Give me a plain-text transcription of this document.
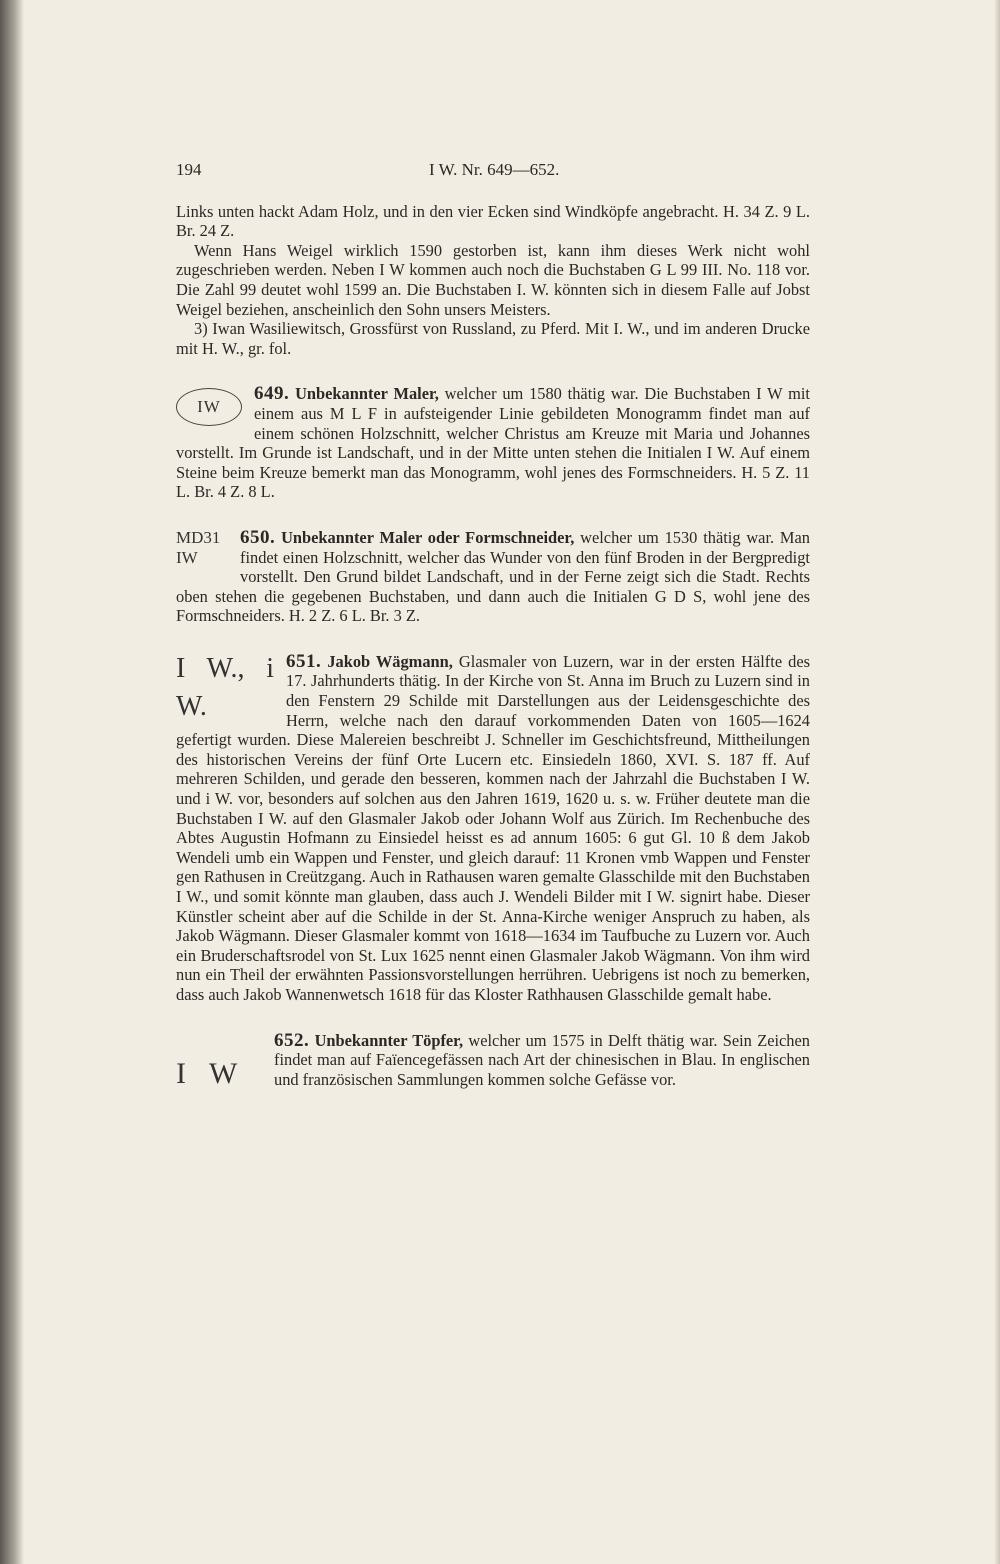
194	I W. Nr. 649—652.

Links unten hackt Adam Holz, und in den vier Ecken sind Windköpfe angebracht. H. 34 Z. 9 L. Br. 24 Z.

Wenn Hans Weigel wirklich 1590 gestorben ist, kann ihm dieses Werk nicht wohl zugeschrieben werden. Neben I W kommen auch noch die Buchstaben G L 99 III. No. 118 vor. Die Zahl 99 deutet wohl 1599 an. Die Buchstaben I. W. könnten sich in diesem Falle auf Jobst Weigel beziehen, anscheinlich den Sohn unsers Meisters.

3) Iwan Wasiliewitsch, Grossfürst von Russland, zu Pferd. Mit I. W., und im anderen Drucke mit H. W., gr. fol.

649. Unbekannter Maler,
IW
welcher um 1580 thätig war. Die Buchstaben I W mit einem aus M L F in aufsteigender Linie gebildeten Monogramm findet man auf einem schönen Holzschnitt, welcher Christus am Kreuze mit Maria und Johannes vorstellt. Im Grunde ist Landschaft, und in der Mitte unten stehen die Initialen I W. Auf einem Steine beim Kreuze bemerkt man das Monogramm, wohl jenes des Formschneiders. H. 5 Z. 11 L. Br. 4 Z. 8 L.

650. Unbekannter Maler oder Formschneider,
MD31
IW
welcher um 1530 thätig war. Man findet einen Holzschnitt, welcher das Wunder von den fünf Broden in der Bergpredigt vorstellt. Den Grund bildet Landschaft, und in der Ferne zeigt sich die Stadt. Rechts oben stehen die gegebenen Buchstaben, und dann auch die Initialen G D S, wohl jene des Formschneiders. H. 2 Z. 6 L. Br. 3 Z.

651. Jakob Wägmann,
I W., i W.
Glasmaler von Luzern, war in der ersten Hälfte des 17. Jahrhunderts thätig. In der Kirche von St. Anna im Bruch zu Luzern sind in den Fenstern 29 Schilde mit Darstellungen aus der Leidensgeschichte des Herrn, welche nach den darauf vorkommenden Daten von 1605—1624 gefertigt wurden. Diese Malereien beschreibt J. Schneller im Geschichtsfreund, Mittheilungen des historischen Vereins der fünf Orte Lucern etc. Einsiedeln 1860, XVI. S. 187 ff. Auf mehreren Schilden, und gerade den besseren, kommen nach der Jahrzahl die Buchstaben I W. und i W. vor, besonders auf solchen aus den Jahren 1619, 1620 u. s. w. Früher deutete man die Buchstaben I W. auf den Glasmaler Jakob oder Johann Wolf aus Zürich. Im Rechenbuche des Abtes Augustin Hofmann zu Einsiedel heisst es ad annum 1605: 6 gut Gl. 10 ß dem Jakob Wendeli umb ein Wappen und Fenster, und gleich darauf: 11 Kronen vmb Wappen und Fenster gen Rathusen in Creützgang. Auch in Rathausen waren gemalte Glasschilde mit den Buchstaben I W., und somit könnte man glauben, dass auch J. Wendeli Bilder mit I W. signirt habe. Dieser Künstler scheint aber auf die Schilde in der St. Anna-Kirche weniger Anspruch zu haben, als Jakob Wägmann. Dieser Glasmaler kommt von 1618—1634 im Taufbuche zu Luzern vor. Auch ein Bruderschaftsrodel von St. Lux 1625 nennt einen Glasmaler Jakob Wägmann. Von ihm wird nun ein Theil der erwähnten Passionsvorstellungen herrühren. Uebrigens ist noch zu bemerken, dass auch Jakob Wannenwetsch 1618 für das Kloster Rathhausen Glasschilde gemalt habe.

652. Unbekannter Töpfer,
I W
welcher um 1575 in Delft thätig war. Sein Zeichen findet man auf Faïencegefässen nach Art der chinesischen in Blau. In englischen und französischen Sammlungen kommen solche Gefässe vor.
